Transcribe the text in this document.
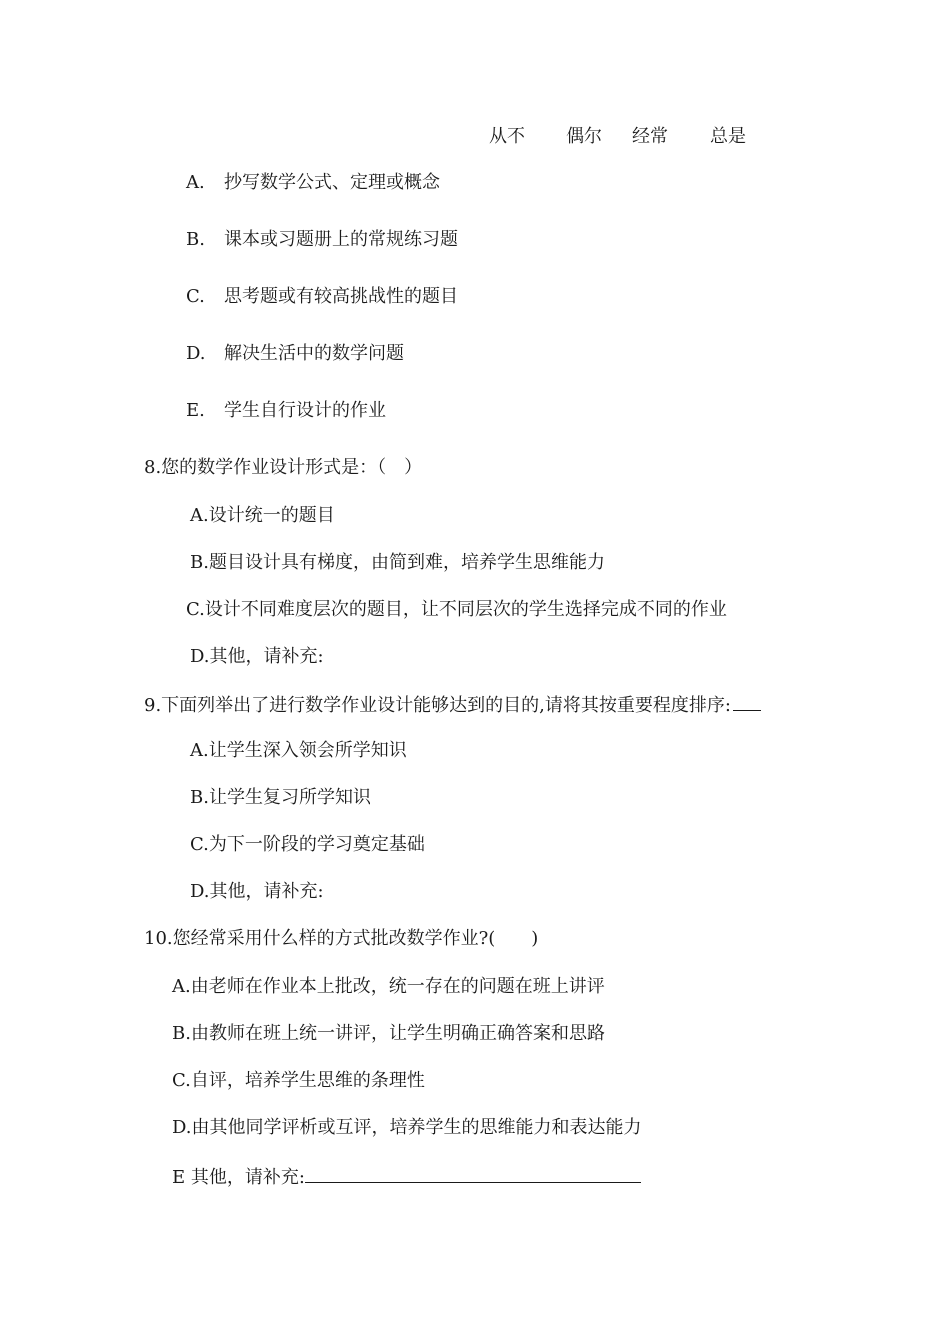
从不 偶尔 经常 总是
A. 抄写数学公式、定理或概念
B. 课本或习题册上的常规练习题
C. 思考题或有较高挑战性的题目
D. 解决生活中的数学问题
E. 学生自行设计的作业
8.您的数学作业设计形式是：（　）
A.设计统一的题目
B.题目设计具有梯度，由简到难，培养学生思维能力
C.设计不同难度层次的题目，让不同层次的学生选择完成不同的作业
D.其他，请补充:
9.下面列举出了进行数学作业设计能够达到的目的,请将其按重要程度排序:
A.让学生深入领会所学知识
B.让学生复习所学知识
C.为下一阶段的学习奠定基础
D.其他，请补充:
10.您经常采用什么样的方式批改数学作业?(　　)
A.由老师在作业本上批改，统一存在的问题在班上讲评
B.由教师在班上统一讲评，让学生明确正确答案和思路
C.自评，培养学生思维的条理性
D.由其他同学评析或互评，培养学生的思维能力和表达能力
E 其他，请补充:
